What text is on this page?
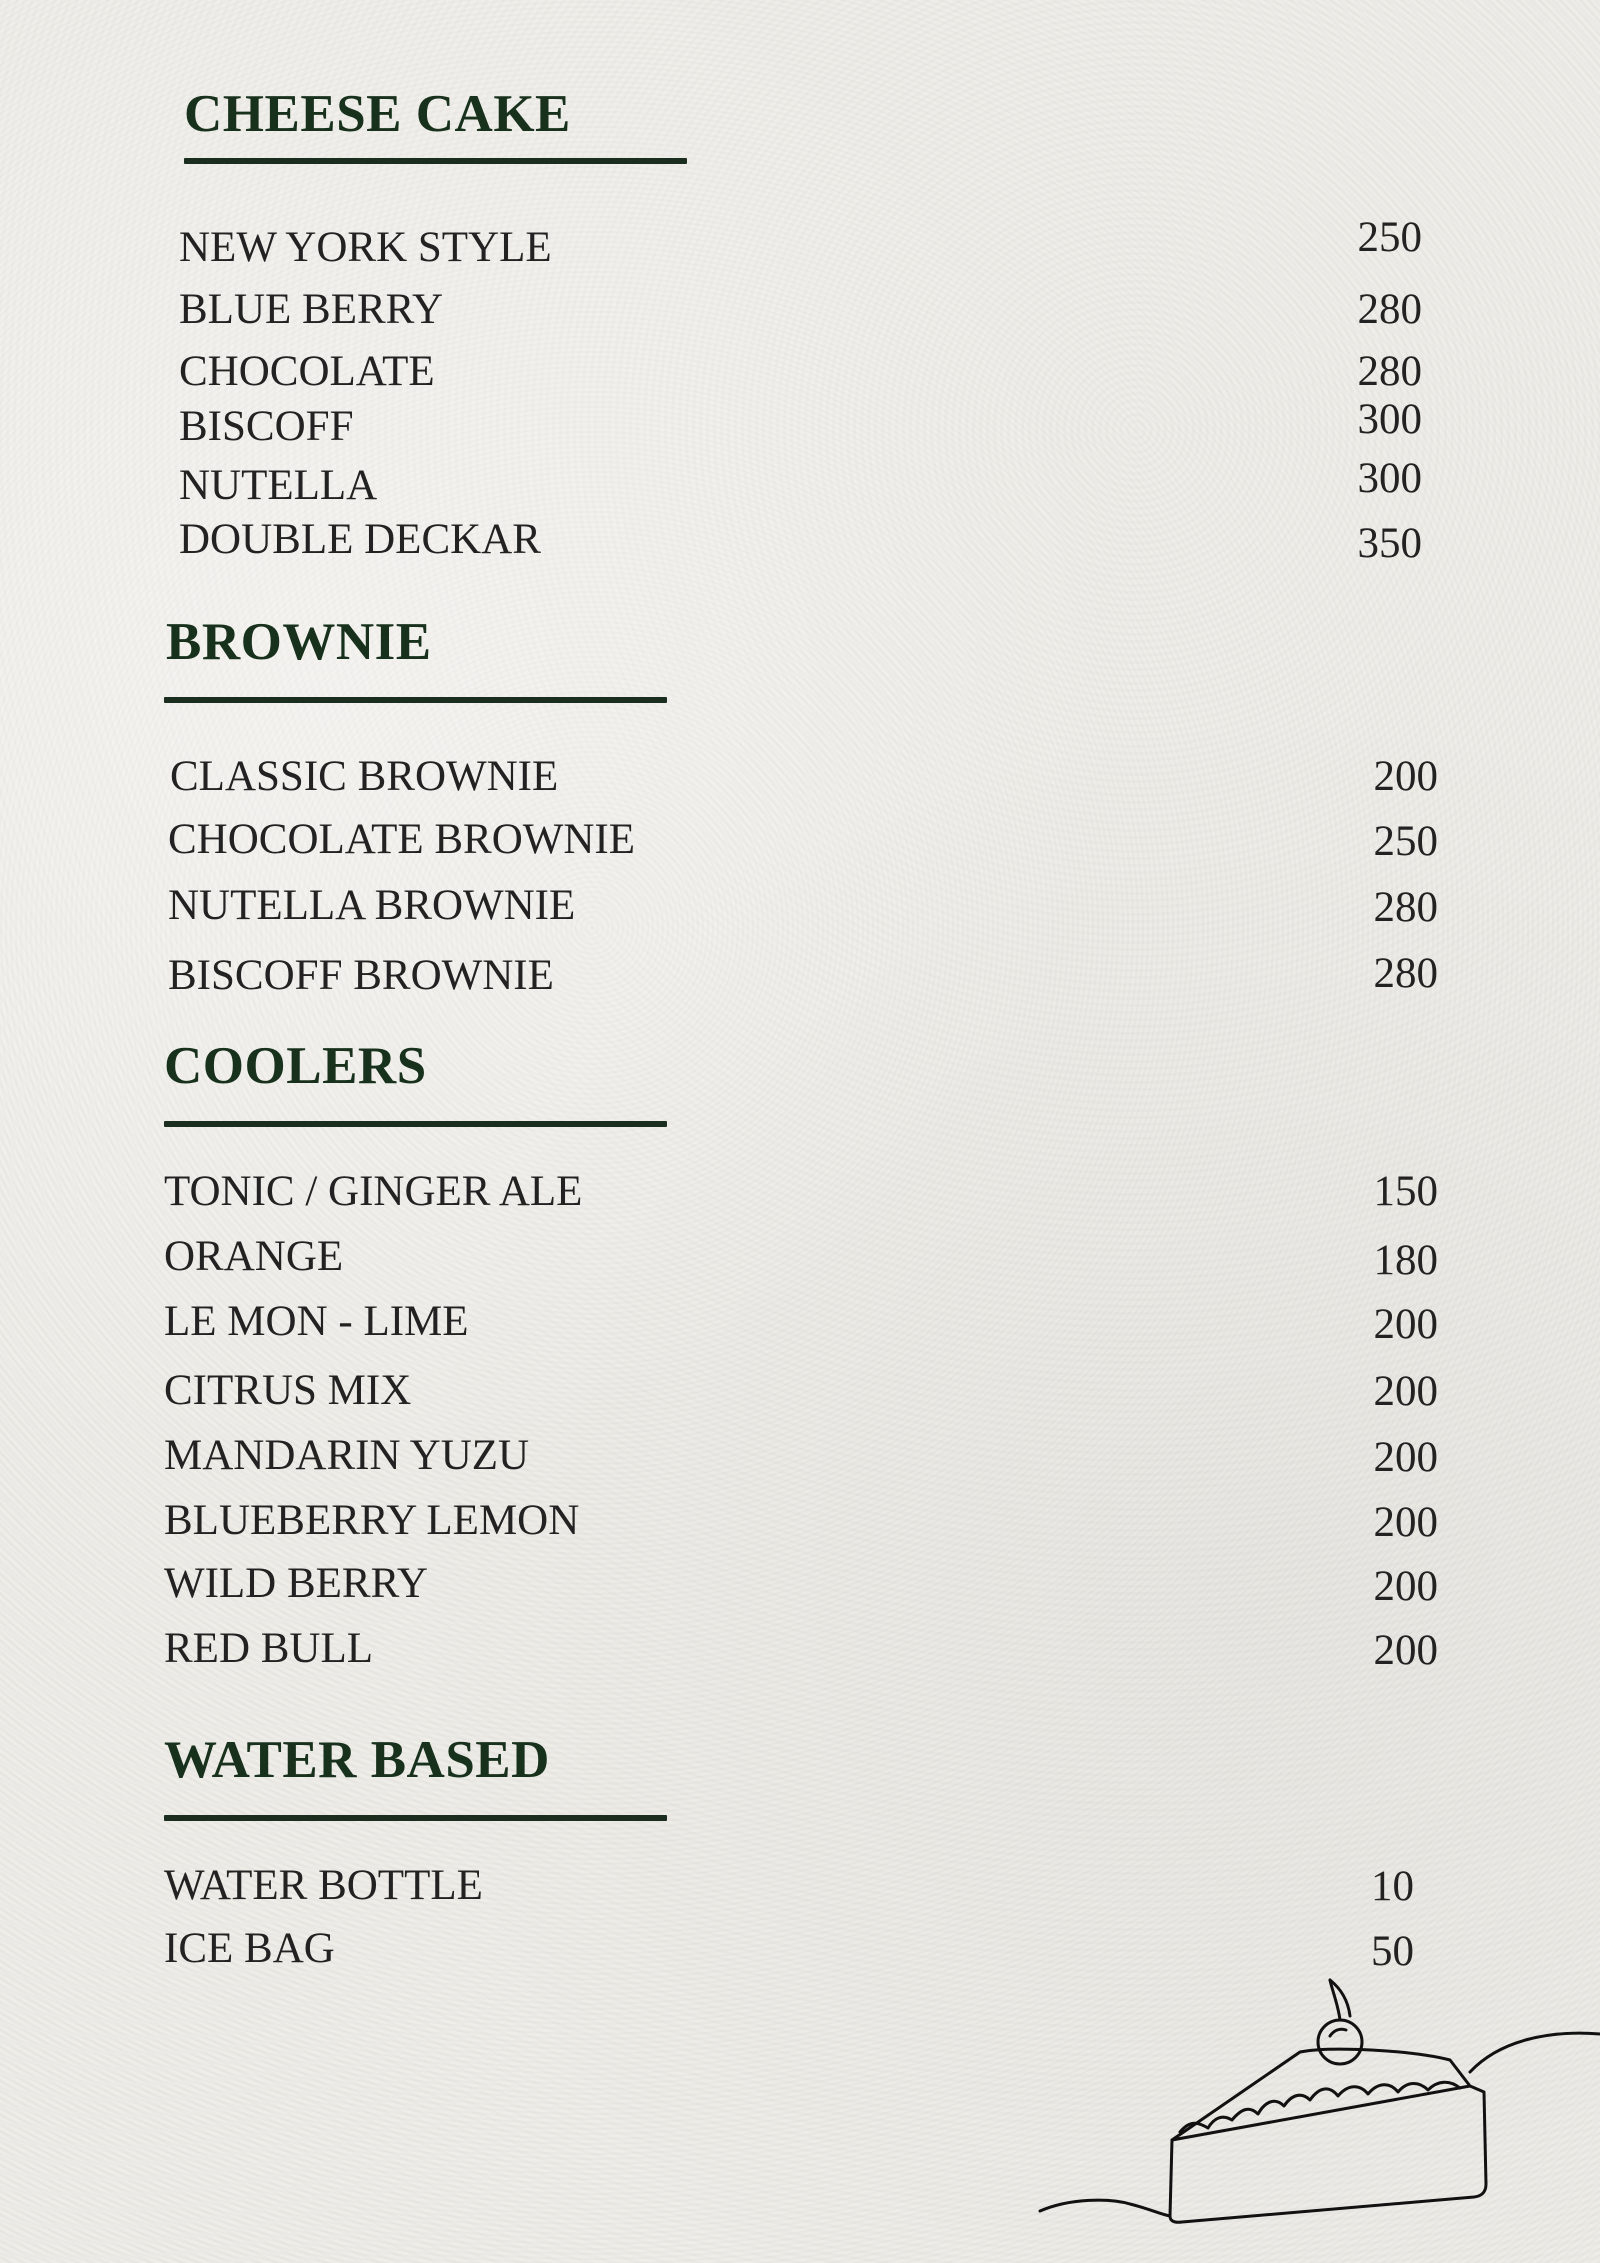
CHEESE CAKE
NEW YORK STYLE	250
BLUE BERRY	280
CHOCOLATE	280
BISCOFF	300
NUTELLA	300
DOUBLE DECKAR	350
BROWNIE
CLASSIC BROWNIE	200
CHOCOLATE BROWNIE	250
NUTELLA BROWNIE	280
BISCOFF BROWNIE	280
COOLERS
TONIC / GINGER ALE	150
ORANGE	180
LE MON - LIME	200
CITRUS MIX	200
MANDARIN YUZU	200
BLUEBERRY LEMON	200
WILD BERRY	200
RED BULL	200
WATER BASED
WATER BOTTLE	10
ICE BAG	50
